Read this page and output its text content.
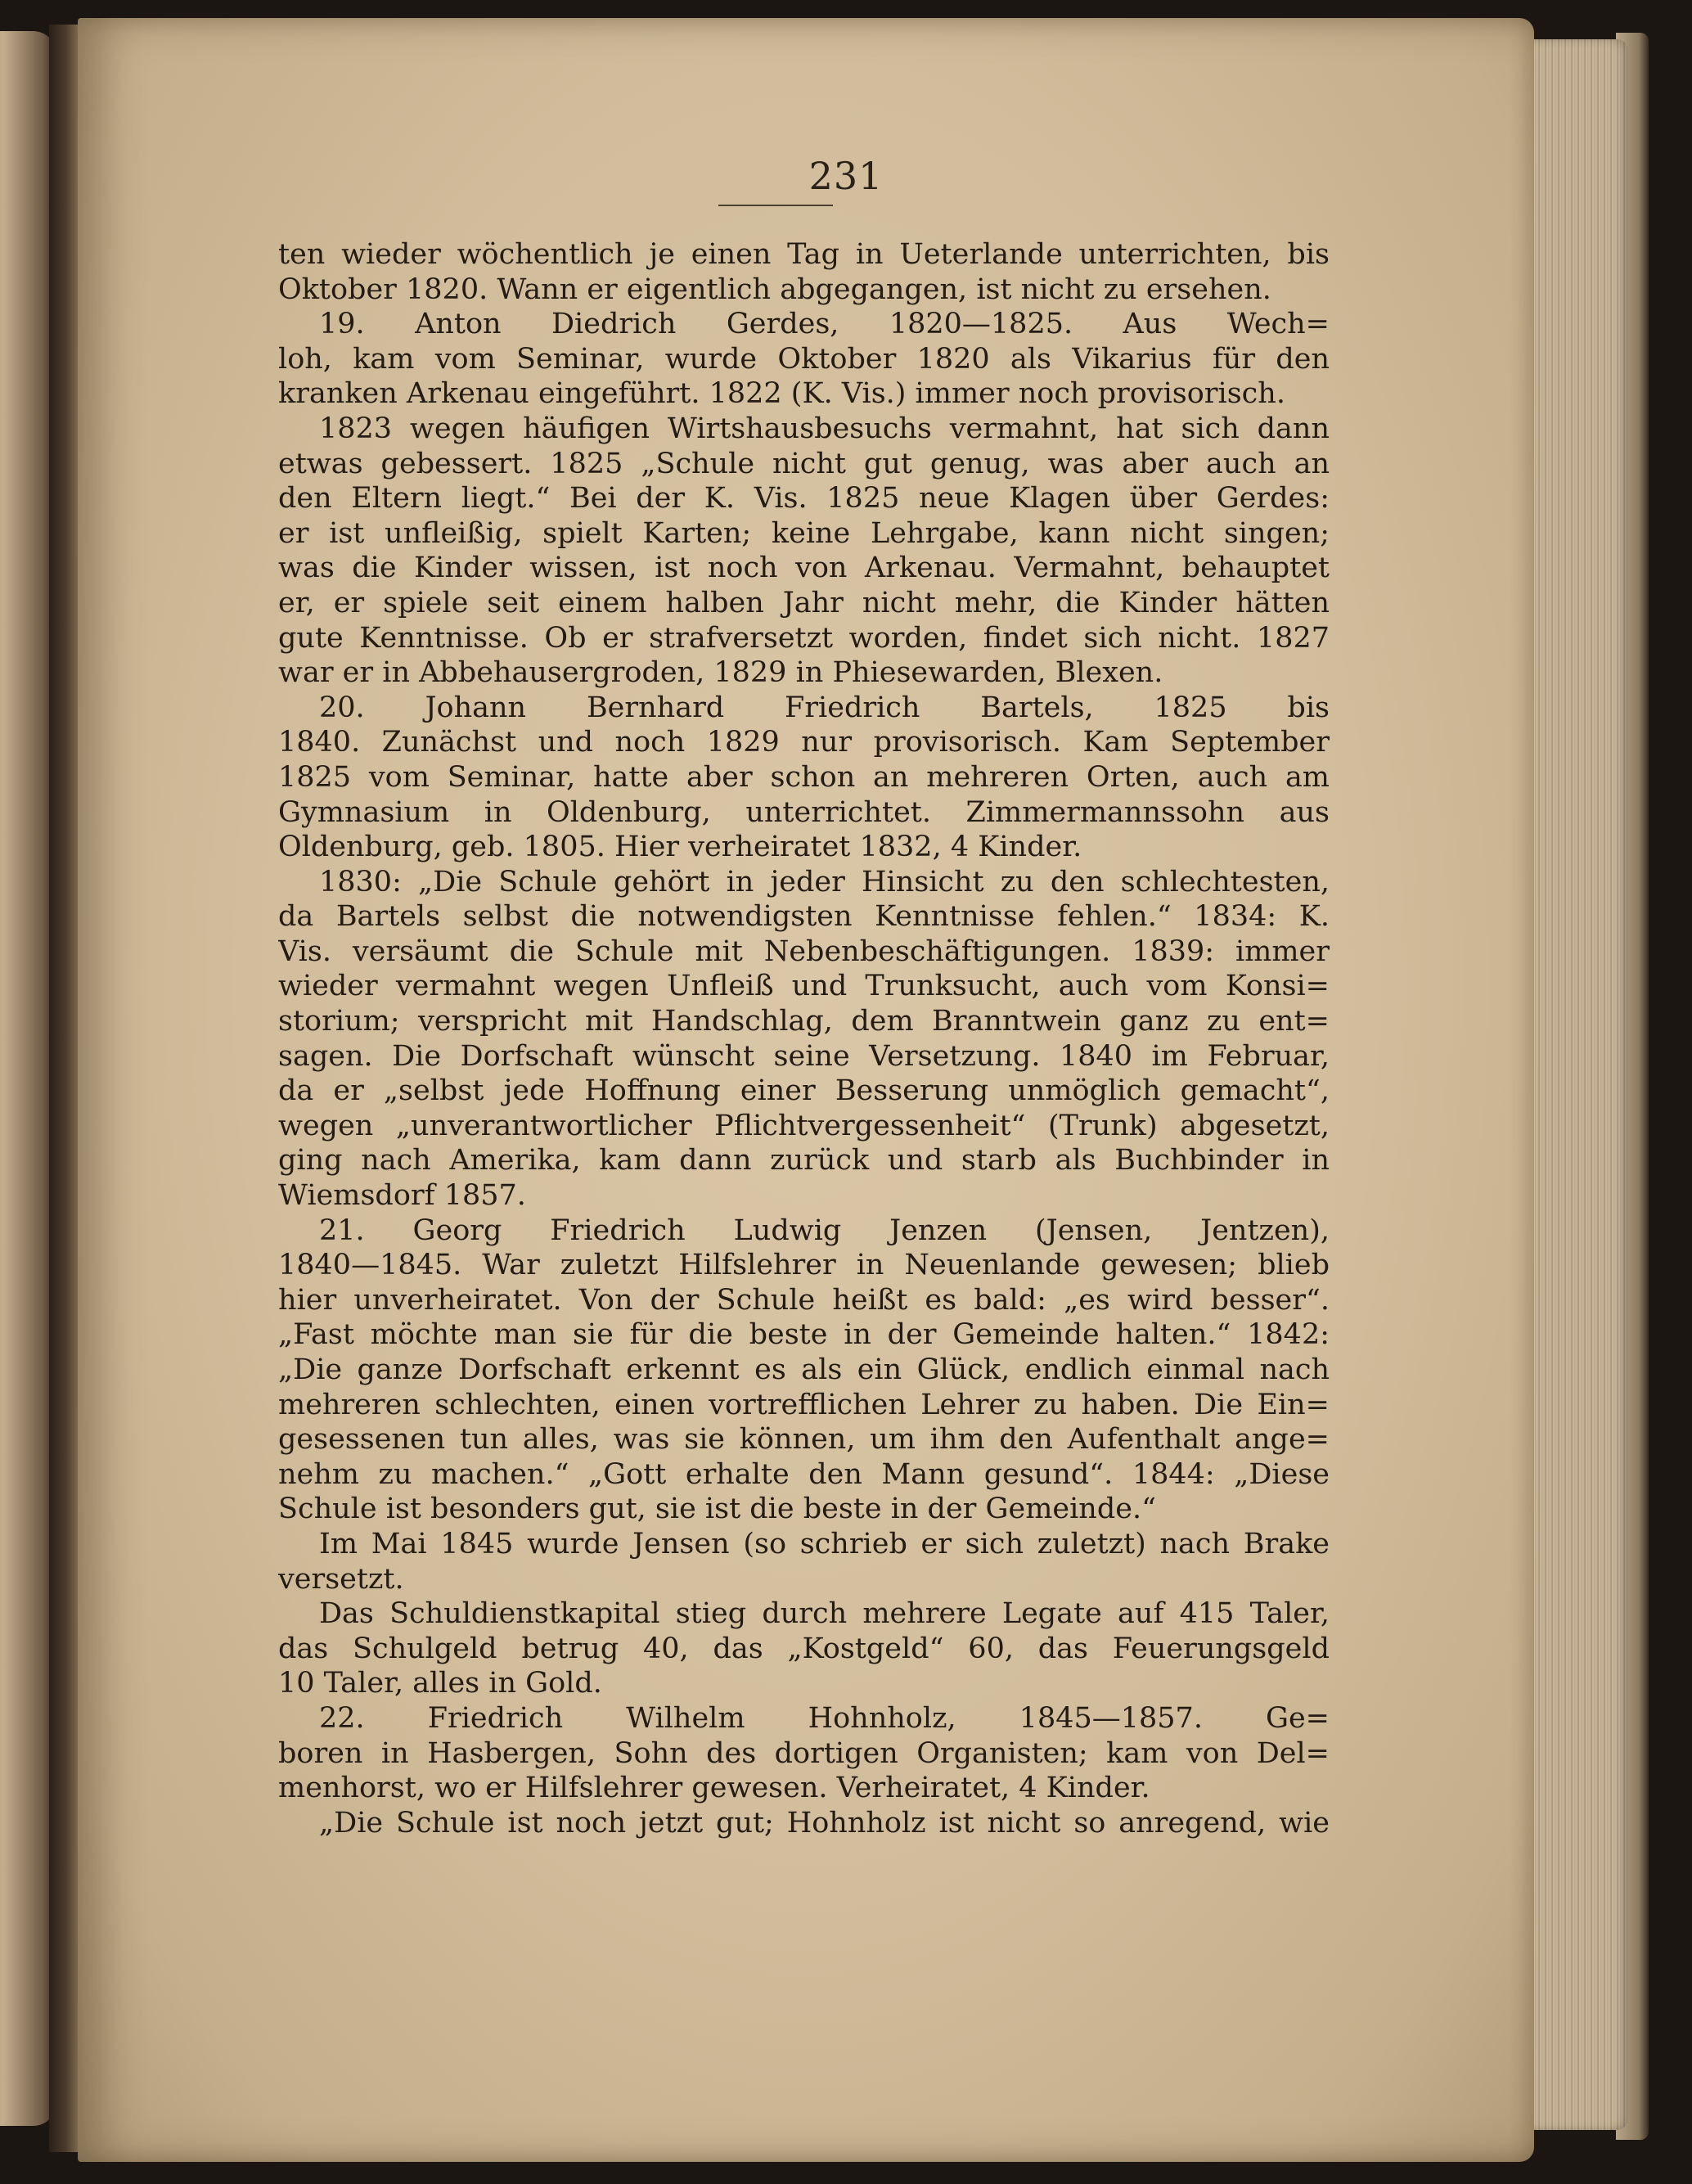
231
ten wieder wöchentlich je einen Tag in Ueterlande unterrichten, bis
Oktober 1820. Wann er eigentlich abgegangen, ist nicht zu ersehen.
19. Anton Diedrich Gerdes, 1820—1825. Aus Wech=
loh, kam vom Seminar, wurde Oktober 1820 als Vikarius für den
kranken Arkenau eingeführt. 1822 (K. Vis.) immer noch provisorisch.
1823 wegen häufigen Wirtshausbesuchs vermahnt, hat sich dann
etwas gebessert. 1825 „Schule nicht gut genug, was aber auch an
den Eltern liegt.“ Bei der K. Vis. 1825 neue Klagen über Gerdes:
er ist unfleißig, spielt Karten; keine Lehrgabe, kann nicht singen;
was die Kinder wissen, ist noch von Arkenau. Vermahnt, behauptet
er, er spiele seit einem halben Jahr nicht mehr, die Kinder hätten
gute Kenntnisse. Ob er strafversetzt worden, findet sich nicht. 1827
war er in Abbehausergroden, 1829 in Phiesewarden, Blexen.
20. Johann Bernhard Friedrich Bartels, 1825 bis
1840. Zunächst und noch 1829 nur provisorisch. Kam September
1825 vom Seminar, hatte aber schon an mehreren Orten, auch am
Gymnasium in Oldenburg, unterrichtet. Zimmermannssohn aus
Oldenburg, geb. 1805. Hier verheiratet 1832, 4 Kinder.
1830: „Die Schule gehört in jeder Hinsicht zu den schlechtesten,
da Bartels selbst die notwendigsten Kenntnisse fehlen.“ 1834: K.
Vis. versäumt die Schule mit Nebenbeschäftigungen. 1839: immer
wieder vermahnt wegen Unfleiß und Trunksucht, auch vom Konsi=
storium; verspricht mit Handschlag, dem Branntwein ganz zu ent=
sagen. Die Dorfschaft wünscht seine Versetzung. 1840 im Februar,
da er „selbst jede Hoffnung einer Besserung unmöglich gemacht“,
wegen „unverantwortlicher Pflichtvergessenheit“ (Trunk) abgesetzt,
ging nach Amerika, kam dann zurück und starb als Buchbinder in
Wiemsdorf 1857.
21. Georg Friedrich Ludwig Jenzen (Jensen, Jentzen),
1840—1845. War zuletzt Hilfslehrer in Neuenlande gewesen; blieb
hier unverheiratet. Von der Schule heißt es bald: „es wird besser“.
„Fast möchte man sie für die beste in der Gemeinde halten.“ 1842:
„Die ganze Dorfschaft erkennt es als ein Glück, endlich einmal nach
mehreren schlechten, einen vortrefflichen Lehrer zu haben. Die Ein=
gesessenen tun alles, was sie können, um ihm den Aufenthalt ange=
nehm zu machen.“ „Gott erhalte den Mann gesund“. 1844: „Diese
Schule ist besonders gut, sie ist die beste in der Gemeinde.“
Im Mai 1845 wurde Jensen (so schrieb er sich zuletzt) nach Brake
versetzt.
Das Schuldienstkapital stieg durch mehrere Legate auf 415 Taler,
das Schulgeld betrug 40, das „Kostgeld“ 60, das Feuerungsgeld
10 Taler, alles in Gold.
22. Friedrich Wilhelm Hohnholz, 1845—1857. Ge=
boren in Hasbergen, Sohn des dortigen Organisten; kam von Del=
menhorst, wo er Hilfslehrer gewesen. Verheiratet, 4 Kinder.
„Die Schule ist noch jetzt gut; Hohnholz ist nicht so anregend, wie
